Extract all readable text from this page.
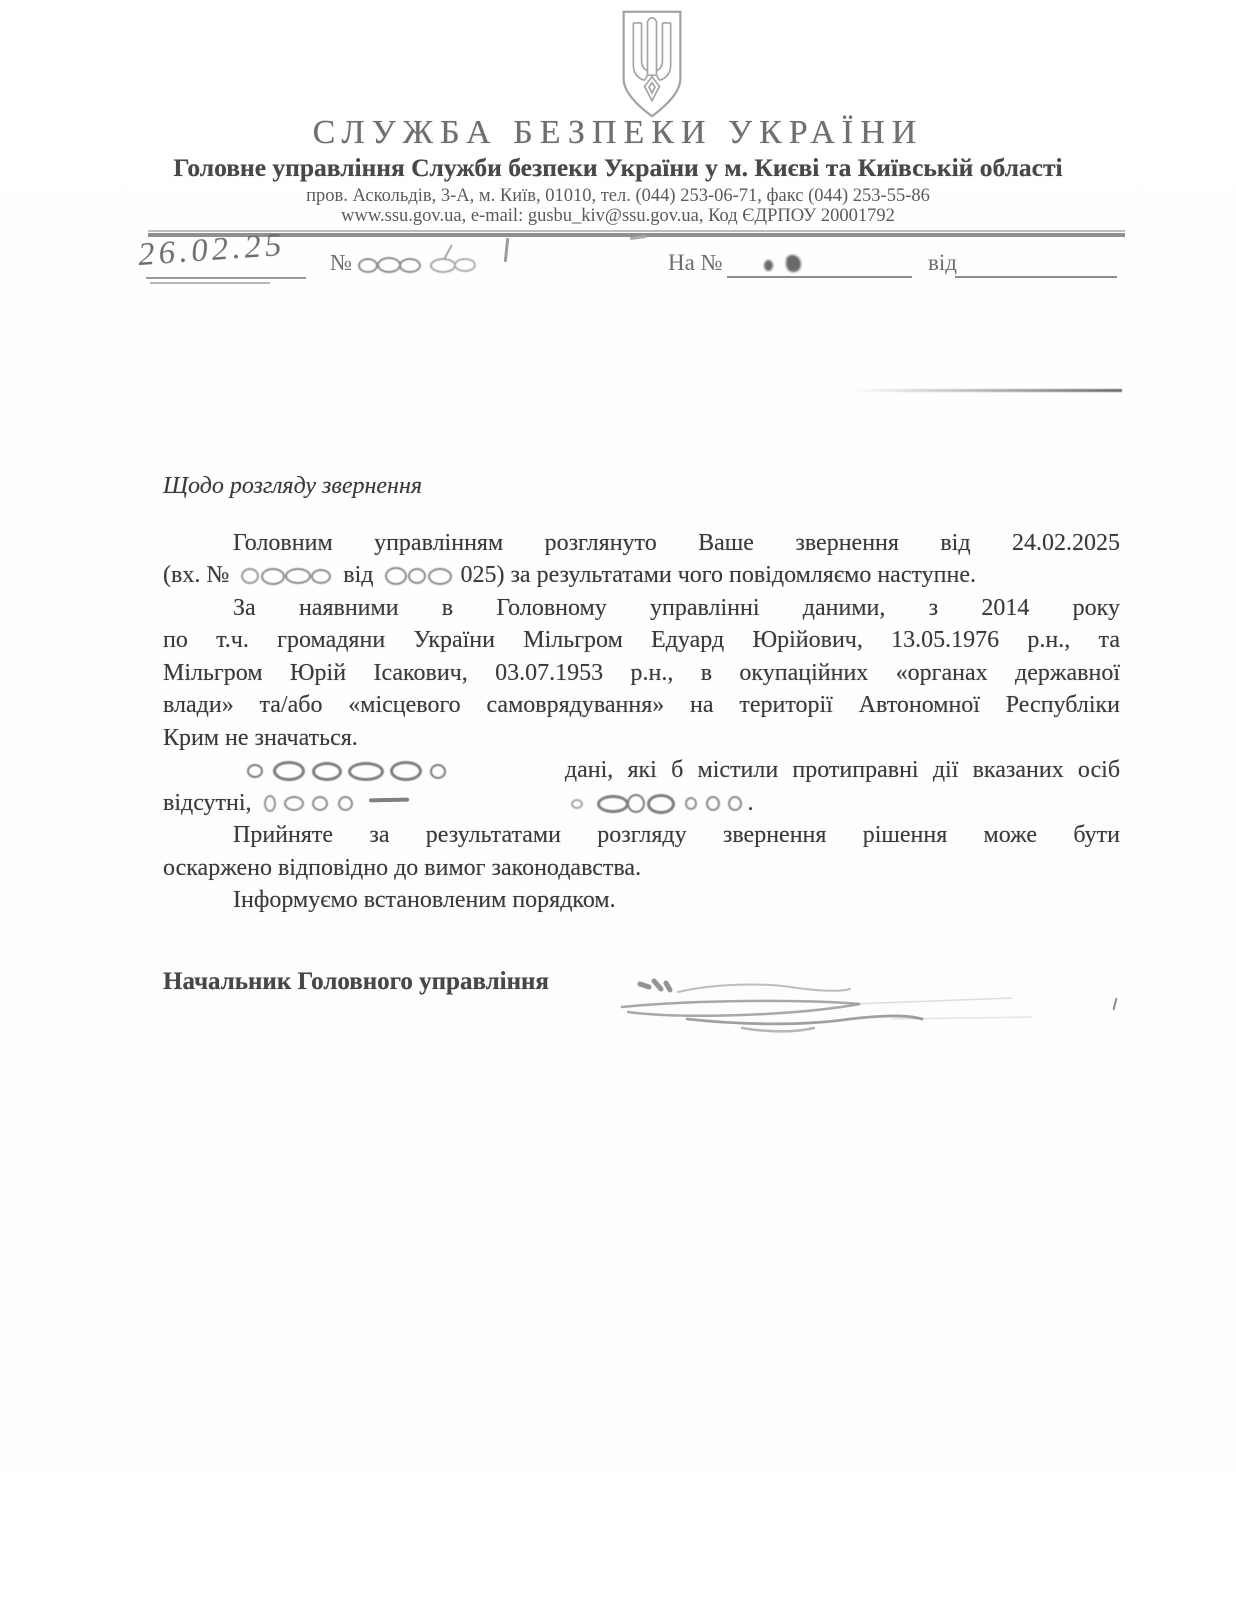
СЛУЖБА БЕЗПЕКИ УКРАЇНИ
Головне управління Служби безпеки України у м. Києві та Київській області
пров. Аскольдів, 3-А, м. Київ, 01010, тел. (044) 253-06-71, факс (044) 253-55-86
www.ssu.gov.ua, e-mail: gusbu_kiv@ssu.gov.ua, Код ЄДРПОУ 20001792
26.02.25 №
	На №	від
Щодо розгляду звернення
Головним управлінням розглянуто Ваше звернення від 24.02.2025
(вх. №	від	025) за результатами чого повідомляємо наступне.
За наявними в Головному управлінні даними, з 2014 року
по т.ч. громадяни України Мільгром Едуард Юрійович, 13.05.1976 р.н., та
Мільгром Юрій Ісакович, 03.07.1953 р.н., в окупаційних «органах державної
влади» та/або «місцевого самоврядування» на території Автономної Республіки
Крим не значаться.
дані, які б містили протиправні дії вказаних осіб
відсутні,	.
Прийняте за результатами розгляду звернення рішення може бути
оскаржено відповідно до вимог законодавства.
Інформуємо встановленим порядком.
Начальник Головного управління
